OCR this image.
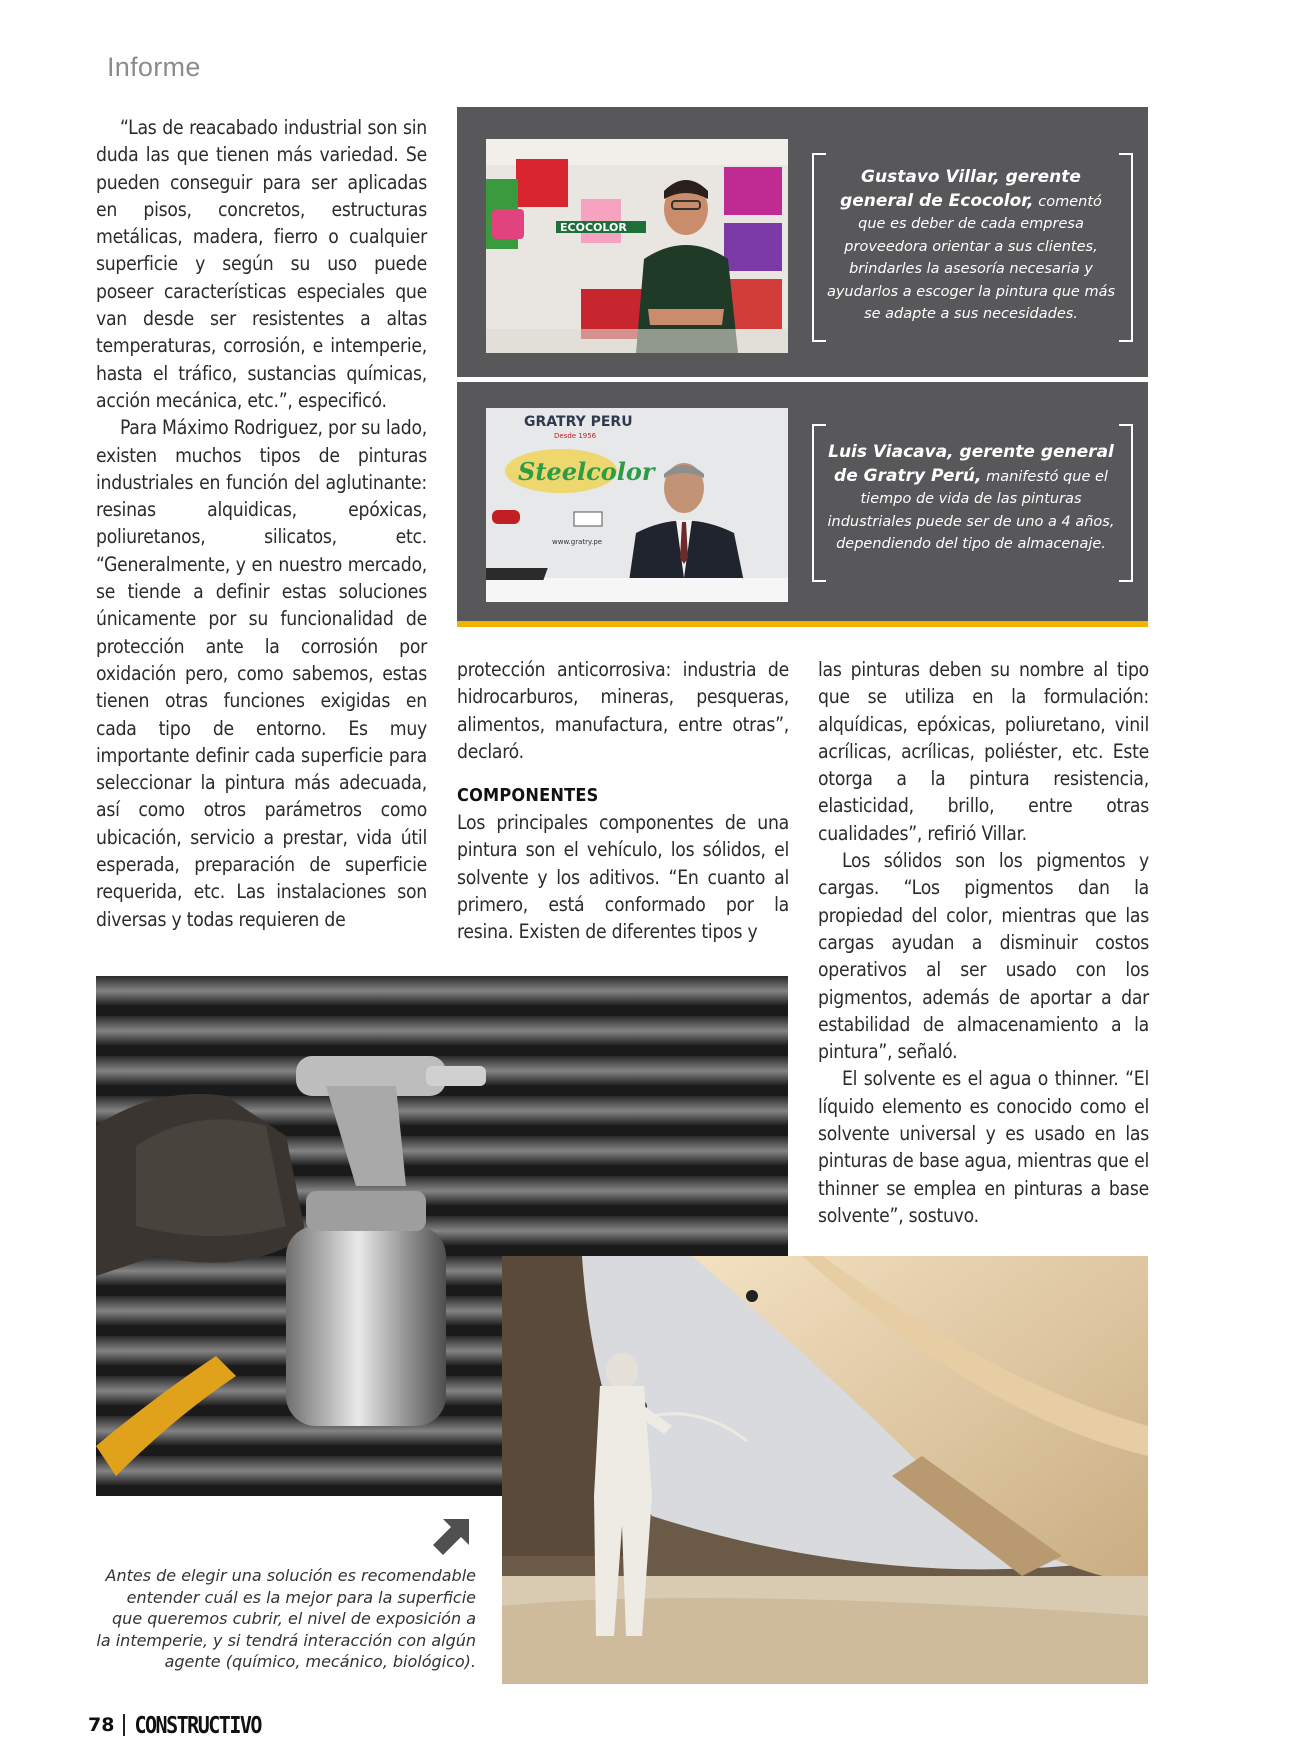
Informe

“Las de reacabado industrial son sin duda las que tienen más variedad. Se pueden conseguir para ser aplicadas en pisos, concretos, estructuras metálicas, madera, fierro o cualquier superficie y según su uso puede poseer características especiales que van desde ser resistentes a altas temperaturas, corrosión, e intemperie, hasta el tráfico, sustancias químicas, acción mecánica, etc.”, especificó.

Para Máximo Rodriguez, por su lado, existen muchos tipos de pinturas industriales en función del aglutinante: resinas alquidicas, epóxicas, poliuretanos, silicatos, etc. “Generalmente, y en nuestro mercado, se tiende a definir estas soluciones únicamente por su funcionalidad de protección ante la corrosión por oxidación pero, como sabemos, estas tienen otras funciones exigidas en cada tipo de entorno. Es muy importante definir cada superficie para seleccionar la pintura más adecuada, así como otros parámetros como ubicación, servicio a prestar, vida útil esperada, preparación de superficie requerida, etc. Las instalaciones son diversas y todas requieren de

ECOCOLOR
Gustavo Villar, gerente general de Ecocolor, comentó que es deber de cada empresa proveedora orientar a sus clientes, brindarles la asesoría necesaria y ayudarlos a escoger la pintura que más se adapte a sus necesidades.
GRATRY PERU
Desde 1956
Steelcolor
www.gratry.pe
Luis Viacava, gerente general de Gratry Perú, manifestó que el tiempo de vida de las pinturas industriales puede ser de uno a 4 años, dependiendo del tipo de almacenaje.

protección anticorrosiva: industria de hidrocarburos, mineras, pesqueras, alimentos, manufactura, entre otras”, declaró.

COMPONENTES

Los principales componentes de una pintura son el vehículo, los sólidos, el solvente y los aditivos. “En cuanto al primero, está conformado por la resina. Existen de diferentes tipos y

las pinturas deben su nombre al tipo que se utiliza en la formulación: alquídicas, epóxicas, poliuretano, vinil acrílicas, acrílicas, poliéster, etc. Este otorga a la pintura resistencia, elasticidad, brillo, entre otras cualidades”, refirió Villar.

Los sólidos son los pigmentos y cargas. “Los pigmentos dan la propiedad del color, mientras que las cargas ayudan a disminuir costos operativos al ser usado con los pigmentos, además de aportar a dar estabilidad de almacenamiento a la pintura”, señaló.

El solvente es el agua o thinner. “El líquido elemento es conocido como el solvente universal y es usado en las pinturas de base agua, mientras que el thinner se emplea en pinturas a base solvente”, sostuvo.

Antes de elegir una solución es recomendable entender cuál es la mejor para la superficie que queremos cubrir, el nivel de exposición a la intemperie, y si tendrá interacción con algún agente (químico, mecánico, biológico).
78 CONSTRUCTIVO
